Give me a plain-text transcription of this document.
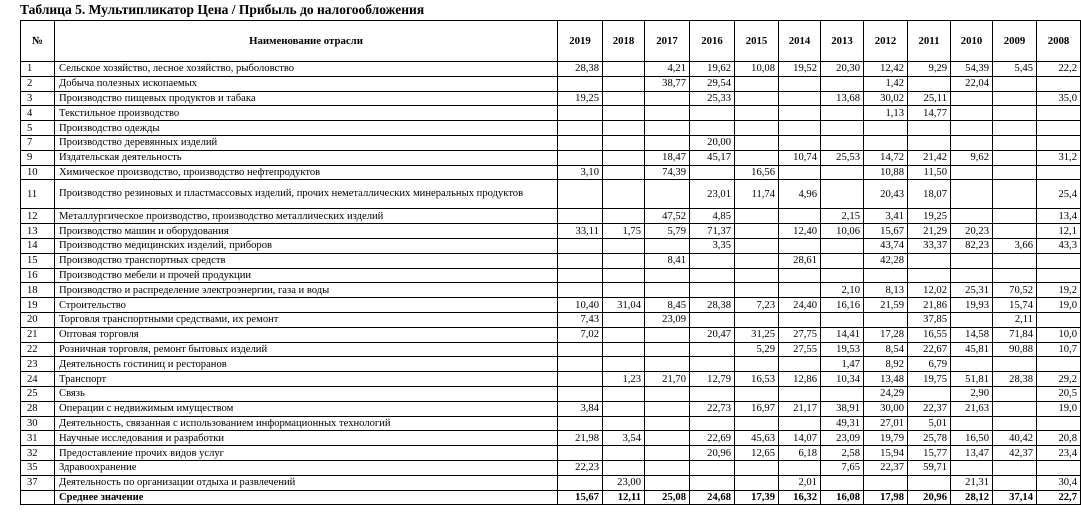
Таблица 5. Мультипликатор Цена / Прибыль до налогообложения
№	Наименование отрасли	2019	2018	2017	2016	2015	2014	2013	2012	2011	2010	2009	2008
1	Сельское хозяйство, лесное хозяйство, рыболовство	28,38		4,21	19,62	10,08	19,52	20,30	12,42	9,29	54,39	5,45	22,2
2	Добыча полезных ископаемых			38,77	29,54				1,42		22,04		
3	Производство пищевых продуктов и табака	19,25			25,33			13,68	30,02	25,11			35,0
4	Текстильное производство								1,13	14,77			
5	Производство одежды												
7	Производство деревянных изделий				20,00								
9	Издательская деятельность			18,47	45,17		10,74	25,53	14,72	21,42	9,62		31,2
10	Химическое производство, производство нефтепродуктов	3,10		74,39		16,56			10,88	11,50			
11	Производство резиновых и пластмассовых изделий, прочих неметаллических минеральных продуктов				23,01	11,74	4,96		20,43	18,07			25,4
12	Металлургическое производство, производство металлических изделий			47,52	4,85			2,15	3,41	19,25			13,4
13	Производство машин и оборудования	33,11	1,75	5,79	71,37		12,40	10,06	15,67	21,29	20,23		12,1
14	Производство медицинских изделий, приборов				3,35				43,74	33,37	82,23	3,66	43,3
15	Производство транспортных средств			8,41			28,61		42,28				
16	Производство мебели и прочей продукции												
18	Производство и распределение электроэнергии, газа и воды							2,10	8,13	12,02	25,31	70,52	19,2
19	Строительство	10,40	31,04	8,45	28,38	7,23	24,40	16,16	21,59	21,86	19,93	15,74	19,0
20	Торговля транспортными средствами, их ремонт	7,43		23,09						37,85		2,11	
21	Оптовая торговля	7,02			20,47	31,25	27,75	14,41	17,28	16,55	14,58	71,84	10,0
22	Розничная торговля, ремонт бытовых изделий					5,29	27,55	19,53	8,54	22,67	45,81	90,88	10,7
23	Деятельность гостиниц и ресторанов							1,47	8,92	6,79			
24	Транспорт		1,23	21,70	12,79	16,53	12,86	10,34	13,48	19,75	51,81	28,38	29,2
25	Связь								24,29		2,90		20,5
28	Операции с недвижимым имуществом	3,84			22,73	16,97	21,17	38,91	30,00	22,37	21,63		19,0
30	Деятельность, связанная с использованием информационных технологий							49,31	27,01	5,01			
31	Научные исследования и разработки	21,98	3,54		22,69	45,63	14,07	23,09	19,79	25,78	16,50	40,42	20,8
32	Предоставление прочих видов услуг				20,96	12,65	6,18	2,58	15,94	15,77	13,47	42,37	23,4
35	Здравоохранение	22,23						7,65	22,37	59,71			
37	Деятельность по организации отдыха и развлечений		23,00				2,01				21,31		30,4
	Среднее значение	15,67	12,11	25,08	24,68	17,39	16,32	16,08	17,98	20,96	28,12	37,14	22,7
